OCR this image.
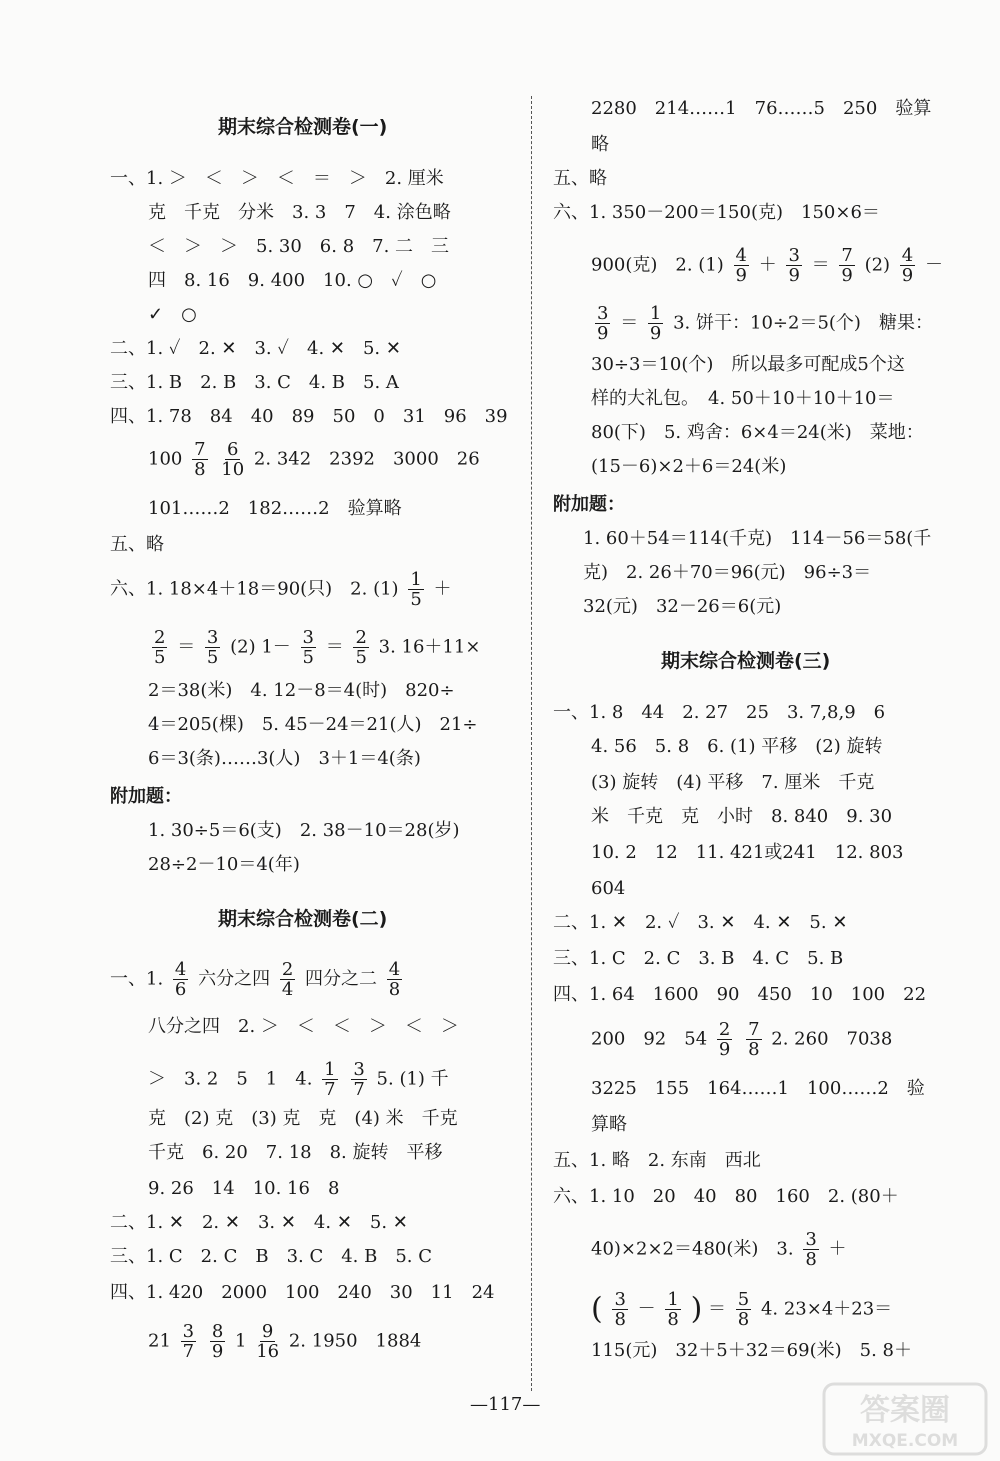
期末综合检测卷(一)
一、1. ＞　＜　＞　＜　＝　＞　2. 厘米
克　千克　分米　3. 3　7　4. 涂色略
＜　＞　＞　5. 30　6. 8　7. 二　三
四　8. 16　9. 400　10. ○　✓　○
✓　○
二、1. ✓　2. ✕　3. ✓　4. ✕　5. ✕
三、1. B　2. B　3. C　4. B　5. A
四、1. 78　84　40　89　50　0　31　96　39
$100 \frac{7}{8}$
$\frac{6}{10} 2$. 342　2392　3000　26
101……2　182……2　验算略
五、略
六、1. 18×4＋18＝90(只)　2. $(1) \frac{1}{5}$ ＋
$\frac{2}{5} = \frac{3}{5} (2)$ $1- \frac{3}{5} = \frac{2}{5} 3$. 16＋11×
2＝38(米)　4. 12－8＝4(时)　820÷
4＝205(棵)　5. 45－24＝21(人)　21÷
6＝3(条)……3(人)　3＋1＝4(条)
附加题：
1. 30÷5＝6(支)　2. 38－10＝28(岁)
28÷2－10＝4(年)
期末综合检测卷(二)
一、1. $\frac{4}{6}$ 六分之四 $\frac{2}{4}$ 四分之二 $\frac{4}{8}$
八分之四　2. ＞　＜　＜　＞　＜　＞
＞　3. 2　5　1　4. $\frac{1}{7}$
$\frac{3}{7} 5$. (1) 千
克　(2) 克　(3) 克　克　(4) 米　千克
千克　6. 20　7. 18　8. 旋转　平移
9. 26　14　10. 16　8
二、1. ✕　2. ✕　3. ✕　4. ✕　5. ✕
三、1. C　2. C　B　3. C　4. B　5. C
四、1. 420　2000　100　240　30　11　24
$21 \frac{3}{7}$
$\frac{8}{9} 1 \frac{9}{16} 2$. 1950　1884
2280　214……1　76……5　250　验算
略
五、略
六、1. 350－200＝150(克)　150×6＝
900(克)　2. $(1) \frac{4}{9} + \frac{3}{9} = \frac{7}{9} (2) \frac{4}{9}$ －
$\frac{3}{9} = \frac{1}{9} 3$. 饼干：10÷2＝5(个)　糖果：
30÷3＝10(个)　所以最多可配成5个这
样的大礼包。　4. 50＋10＋10＋10＝
80(下)　5. 鸡舍：6×4＝24(米)　菜地：
(15－6)×2＋6＝24(米)
附加题：
1. 60＋54＝114(千克)　114－56＝58(千
克)　2. 26＋70＝96(元)　96÷3＝
32(元)　32－26＝6(元)
期末综合检测卷(三)
一、1. 8　44　2. 27　25　3. 7,8,9　6
4. 56　5. 8　6. (1) 平移　(2) 旋转
(3) 旋转　(4) 平移　7. 厘米　千克
米　千克　克　小时　8. 840　9. 30
10. 2　12　11. 421或241　12. 803
604
二、1. ✕　2. ✓　3. ✕　4. ✕　5. ✕
三、1. C　2. C　3. B　4. C　5. B
四、1. 64　1600　90　450　10　100　22
200　92　$54 \frac{2}{9}$
$\frac{7}{8} 2$. 260　7038
3225　155　164……1　100……2　验
算略
五、1. 略　2. 东南　西北
六、1. 10　20　40　80　160　2. (80＋
40)×2×2＝480(米)　3. $\frac{3}{8}$ ＋
( $\frac{3}{8} - \frac{1}{8}$ ) ＝ $\frac{5}{8} 4$. 23×4＋23＝
115(元)　32＋5＋32＝69(米)　5. 8＋
—117—	答案圈
MXQE.COM
